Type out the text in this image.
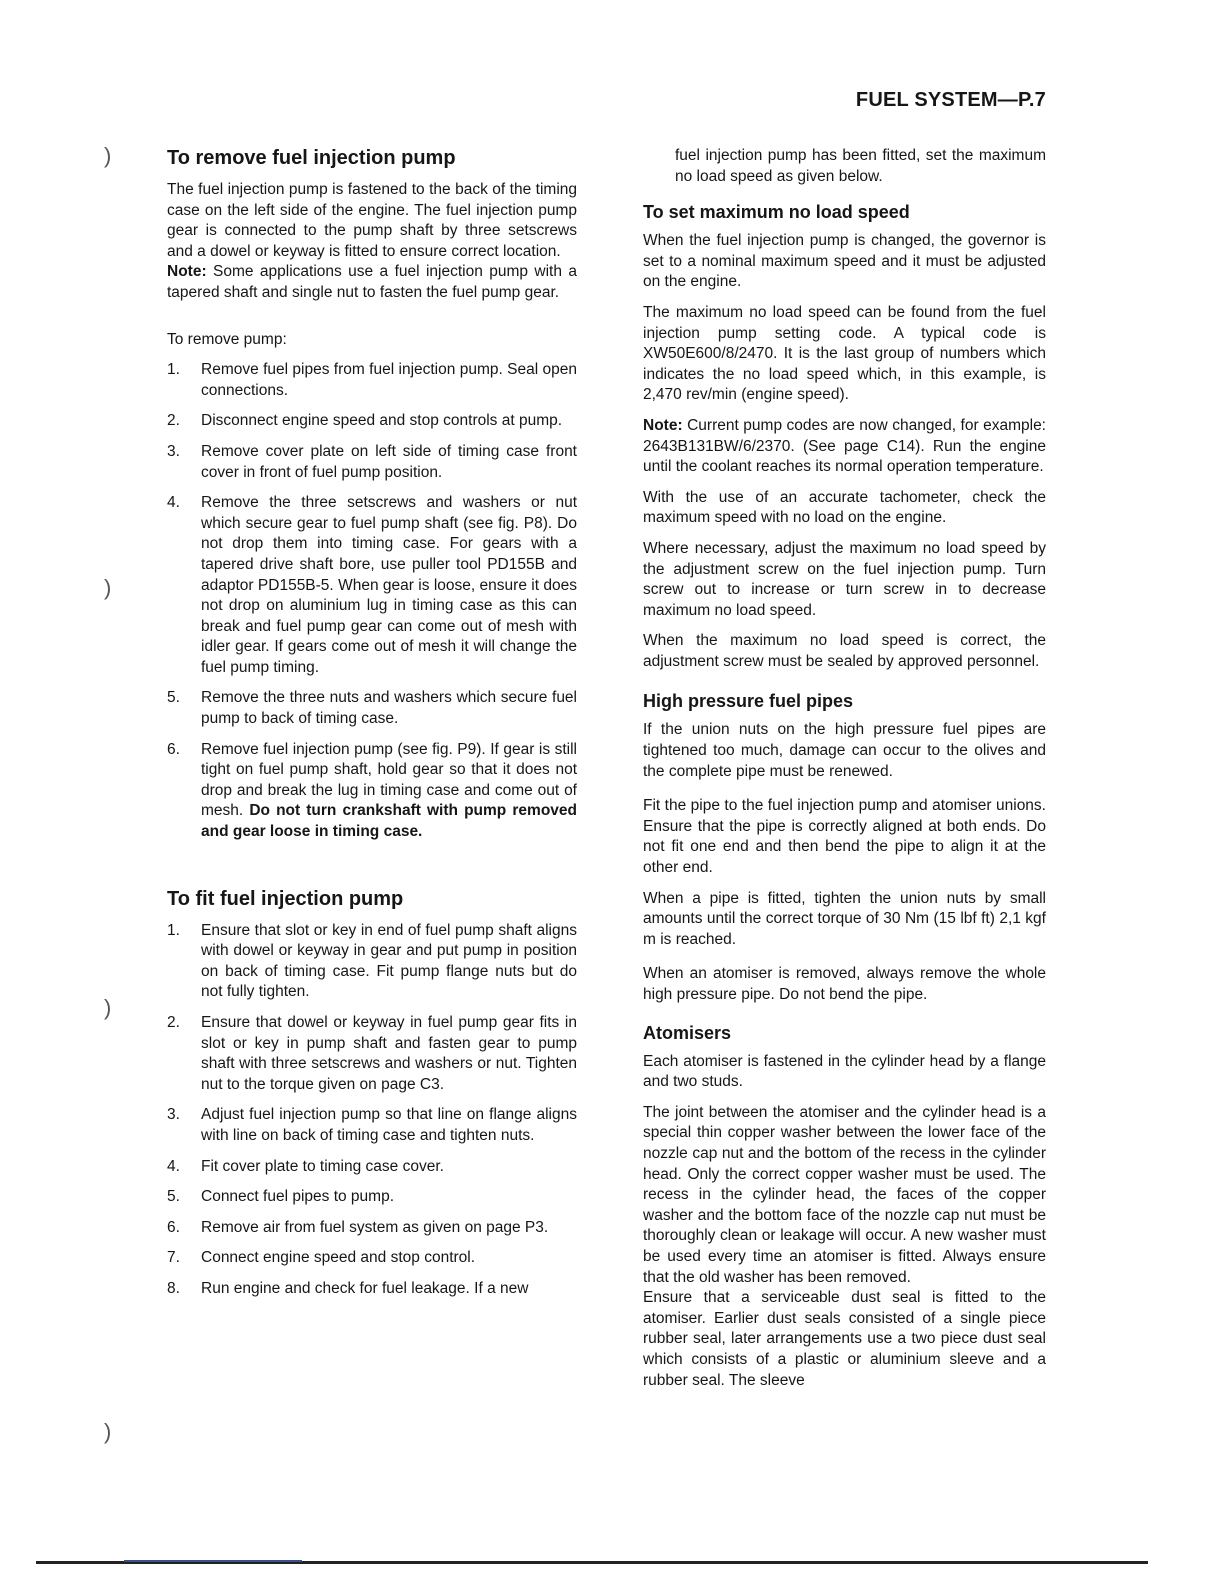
FUEL SYSTEM—P.7
)
)
)
)
To remove fuel injection pump

The fuel injection pump is fastened to the back of the timing case on the left side of the engine. The fuel injection pump gear is connected to the pump shaft by three setscrews and a dowel or keyway is fitted to ensure correct location.

Note: Some applications use a fuel injection pump with a tapered shaft and single nut to fasten the fuel pump gear.

To remove pump:

1. Remove fuel pipes from fuel injection pump. Seal open connections.
2. Disconnect engine speed and stop controls at pump.
3. Remove cover plate on left side of timing case front cover in front of fuel pump position.
4. Remove the three setscrews and washers or nut which secure gear to fuel pump shaft (see fig. P8). Do not drop them into timing case. For gears with a tapered drive shaft bore, use puller tool PD155B and adaptor PD155B-5. When gear is loose, ensure it does not drop on aluminium lug in timing case as this can break and fuel pump gear can come out of mesh with idler gear. If gears come out of mesh it will change the fuel pump timing.
5. Remove the three nuts and washers which secure fuel pump to back of timing case.
6. Remove fuel injection pump (see fig. P9). If gear is still tight on fuel pump shaft, hold gear so that it does not drop and break the lug in timing case and come out of mesh. Do not turn crankshaft with pump removed and gear loose in timing case.
To fit fuel injection pump
1. Ensure that slot or key in end of fuel pump shaft aligns with dowel or keyway in gear and put pump in position on back of timing case. Fit pump flange nuts but do not fully tighten.
2. Ensure that dowel or keyway in fuel pump gear fits in slot or key in pump shaft and fasten gear to pump shaft with three setscrews and washers or nut. Tighten nut to the torque given on page C3.
3. Adjust fuel injection pump so that line on flange aligns with line on back of timing case and tighten nuts.
4. Fit cover plate to timing case cover.
5. Connect fuel pipes to pump.
6. Remove air from fuel system as given on page P3.
7. Connect engine speed and stop control.
8. Run engine and check for fuel leakage. If a new

fuel injection pump has been fitted, set the maximum no load speed as given below.

To set maximum no load speed

When the fuel injection pump is changed, the governor is set to a nominal maximum speed and it must be adjusted on the engine.

The maximum no load speed can be found from the fuel injection pump setting code. A typical code is XW50E600/8/2470. It is the last group of numbers which indicates the no load speed which, in this example, is 2,470 rev/min (engine speed).

Note: Current pump codes are now changed, for example: 2643B131BW/6/2370. (See page C14). Run the engine until the coolant reaches its normal operation temperature.

With the use of an accurate tachometer, check the maximum speed with no load on the engine.

Where necessary, adjust the maximum no load speed by the adjustment screw on the fuel injection pump. Turn screw out to increase or turn screw in to decrease maximum no load speed.

When the maximum no load speed is correct, the adjustment screw must be sealed by approved personnel.

High pressure fuel pipes

If the union nuts on the high pressure fuel pipes are tightened too much, damage can occur to the olives and the complete pipe must be renewed.

Fit the pipe to the fuel injection pump and atomiser unions. Ensure that the pipe is correctly aligned at both ends. Do not fit one end and then bend the pipe to align it at the other end.

When a pipe is fitted, tighten the union nuts by small amounts until the correct torque of 30 Nm (15 lbf ft) 2,1 kgf m is reached.

When an atomiser is removed, always remove the whole high pressure pipe. Do not bend the pipe.

Atomisers

Each atomiser is fastened in the cylinder head by a flange and two studs.

The joint between the atomiser and the cylinder head is a special thin copper washer between the lower face of the nozzle cap nut and the bottom of the recess in the cylinder head. Only the correct copper washer must be used. The recess in the cylinder head, the faces of the copper washer and the bottom face of the nozzle cap nut must be thoroughly clean or leakage will occur. A new washer must be used every time an atomiser is fitted. Always ensure that the old washer has been removed.

Ensure that a serviceable dust seal is fitted to the atomiser. Earlier dust seals consisted of a single piece rubber seal, later arrangements use a two piece dust seal which consists of a plastic or aluminium sleeve and a rubber seal. The sleeve
